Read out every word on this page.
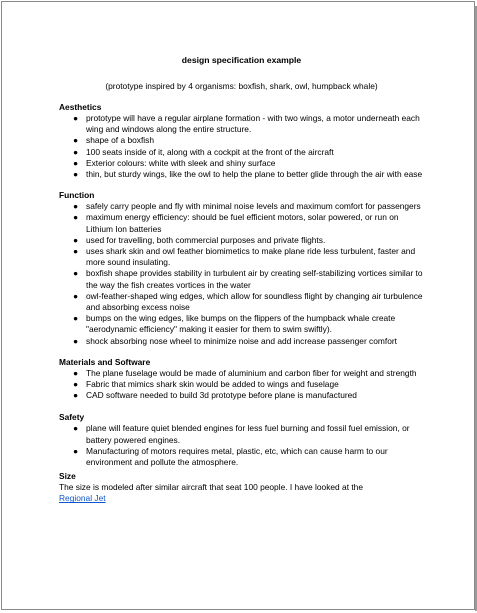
design specification example

(prototype inspired by 4 organisms: boxfish, shark, owl, humpback whale)

Aesthetics

● prototype will have a regular airplane formation - with two wings, a motor underneath each wing and windows along the entire structure.
● shape of a boxfish
● 100 seats inside of it, along with a cockpit at the front of the aircraft
● Exterior colours: white with sleek and shiny surface
● thin, but sturdy wings, like the owl to help the plane to better glide through the air with ease

Function

● safely carry people and fly with minimal noise levels and maximum comfort for passengers
● maximum energy efficiency: should be fuel efficient motors, solar powered, or run on Lithium Ion batteries
● used for travelling, both commercial purposes and private flights.
● uses shark skin and owl feather biomimetics to make plane ride less turbulent, faster and more sound insulating.
● boxfish shape provides stability in turbulent air by creating self-stabilizing vortices similar to the way the fish creates vortices in the water
● owl-feather-shaped wing edges, which allow for soundless flight by changing air turbulence and absorbing excess noise
● bumps on the wing edges, like bumps on the flippers of the humpback whale create "aerodynamic efficiency" making it easier for them to swim swiftly).
● shock absorbing nose wheel to minimize noise and add increase passenger comfort

Materials and Software

● The plane fuselage would be made of aluminium and carbon fiber for weight and strength
● Fabric that mimics shark skin would be added to wings and fuselage
● CAD software needed to build 3d prototype before plane is manufactured

Safety

● plane will feature quiet blended engines for less fuel burning and fossil fuel emission, or battery powered engines.
● Manufacturing of motors requires metal, plastic, etc, which can cause harm to our environment and pollute the atmosphere.

Size

The size is modeled after similar aircraft that seat 100 people. I have looked at the
Regional Jet
